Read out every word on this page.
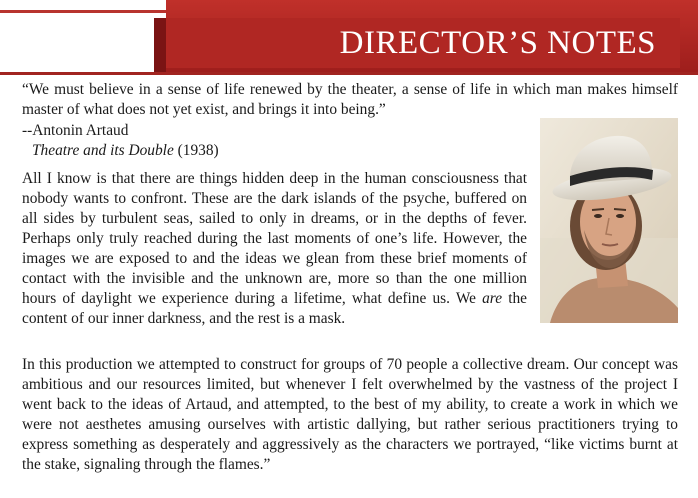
DIRECTOR’S NOTES
“We must believe in a sense of life renewed by the theater, a sense of life in which man makes himself master of what does not yet exist, and brings it into being.”
--Antonin Artaud
Theatre and its Double (1938)
All I know is that there are things hidden deep in the human consciousness that nobody wants to confront. These are the dark islands of the psyche, buffered on all sides by turbulent seas, sailed to only in dreams, or in the depths of fever. Perhaps only truly reached during the last moments of one’s life. However, the images we are exposed to and the ideas we glean from these brief moments of contact with the invisible and the unknown are, more so than the one million hours of daylight we experience during a lifetime, what define us. We are the content of our inner darkness, and the rest is a mask.
In this production we attempted to construct for groups of 70 people a collective dream. Our concept was ambitious and our resources limited, but whenever I felt overwhelmed by the vastness of the project I went back to the ideas of Artaud, and attempted, to the best of my ability, to create a work in which we were not aesthetes amusing ourselves with artistic dallying, but rather serious practitioners trying to express something as desperately and aggressively as the characters we portrayed, “like victims burnt at the stake, signaling through the flames.”
